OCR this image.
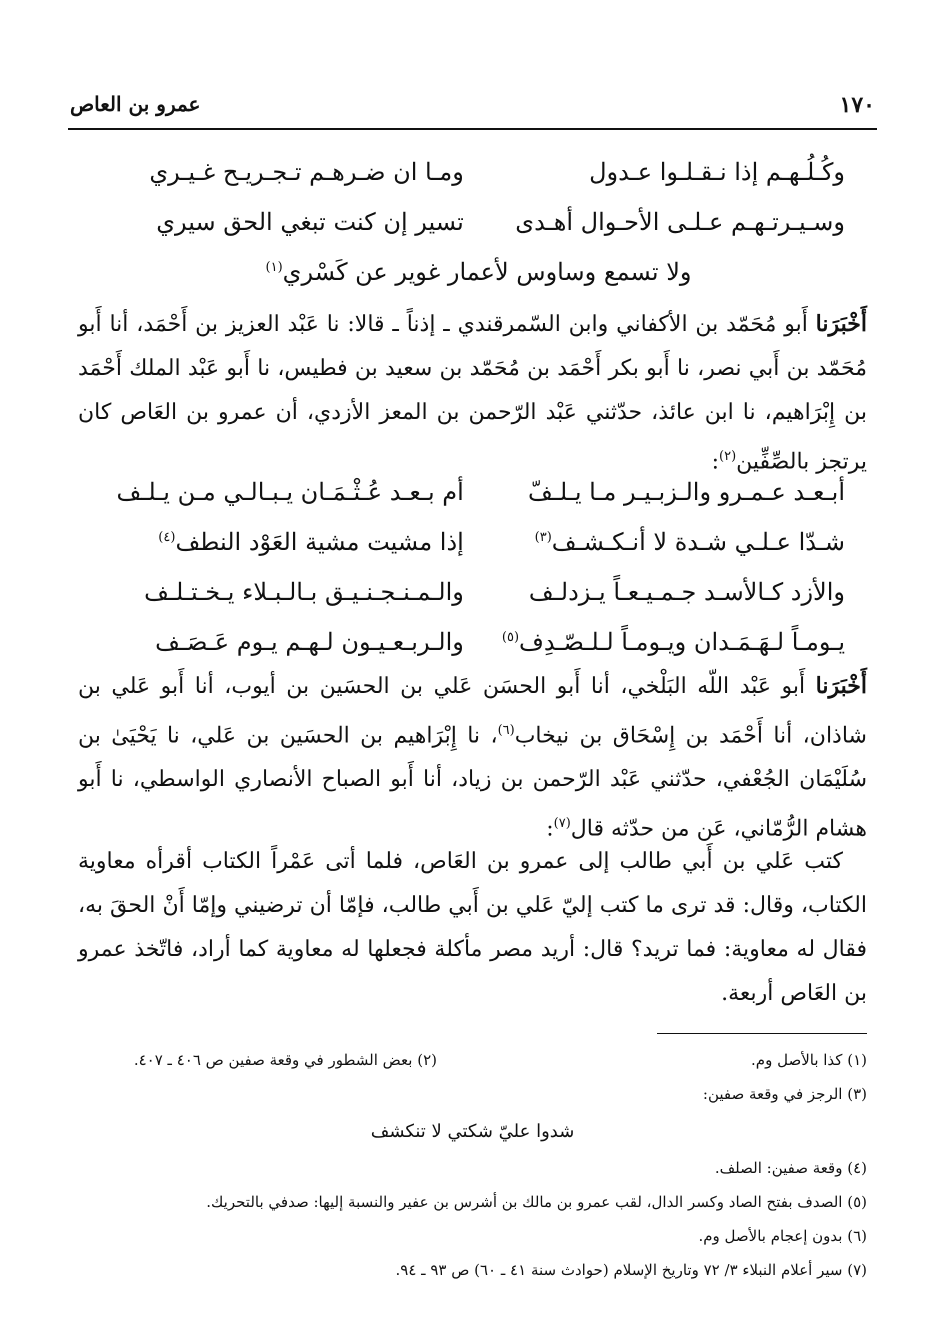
١٧٠
عمرو بن العاص
وكُـلُـهـم إذا نـقـلـوا عـدول
ومـا ان ضـرهـم تـجـريـح غـيـري
وسـيـرتـهـم عـلـى الأحـوال أهـدى
تسير إن كنت تبغي الحق سيري
ولا تسمع وساوس لأعمار غوير عن كَسْري$^{(١)}$

أَخْبَرَنا أَبو مُحَمّد بن الأكفاني وابن السّمرقندي ـ إذناً ـ قالا: نا عَبْد العزيز بن أَحْمَد، أنا أَبو مُحَمّد بن أَبي نصر، نا أَبو بكر أَحْمَد بن مُحَمّد بن سعيد بن فطيس، نا أَبو عَبْد الملك أَحْمَد بن إِبْرَاهيم، نا ابن عائذ، حدّثني عَبْد الرّحمن بن المعز الأزدي، أن عمرو بن العَاص كان يرتجز بالصِّفِّين$^{(٢)}$:

أبـعـد عـمـرو والـزبـيـر مـا يـلـفّ
أم بـعـد عُـثْـمَـان يـبـالـي مـن يـلـف
شـدّا عـلـي شـدة لا أنـكـشـف$^{(٣)}$
إذا مشيت مشية العَوْد النطف$^{(٤)}$
والأزد كـالأسـد جـمـيـعـاً يـزدلـف
والـمـنـجـنـيـق بـالـبـلاء يـخـتـلـف
يـومـاً لـهَـمَـدان ويـومـاً لـلـصّـدِف$^{(٥)}$
والـربـعـيـون لـهـم يـوم عَـصَـف

أَخْبَرَنا أَبو عَبْد اللّه البَلْخي، أنا أَبو الحسَن عَلي بن الحسَين بن أيوب، أنا أَبو عَلي بن شاذان، أنا أَحْمَد بن إِسْحَاق بن نيخاب$^{(٦)}$، نا إِبْرَاهيم بن الحسَين بن عَلي، نا يَحْيَىٰ بن سُلَيْمَان الجُعْفي، حدّثني عَبْد الرّحمن بن زياد، أنا أَبو الصباح الأنصاري الواسطي، نا أَبو هشام الرُّمّاني، عَن من حدّثه قال$^{(٧)}$:

كتب عَلي بن أَبي طالب إلى عمرو بن العَاص، فلما أتى عَمْراً الكتاب أقرأه معاوية الكتاب، وقال: قد ترى ما كتب إليّ عَلي بن أَبي طالب، فإمّا أن ترضيني وإمّا أَنْ الحقَ به، فقال له معاوية: فما تريد؟ قال: أريد مصر مأكلة فجعلها له معاوية كما أراد، فاتّخذ عمرو بن العَاص أربعة.

(١) كذا بالأصل وم.
(٢) بعض الشطور في وقعة صفين ص ٤٠٦ ـ ٤٠٧.
(٣) الرجز في وقعة صفين:
شدوا عليّ شكتي لا تنكشف
(٤) وقعة صفين: الصلف.
(٥) الصدف بفتح الصاد وكسر الدال، لقب عمرو بن مالك بن أشرس بن عفير والنسبة إليها: صدفي بالتحريك.
(٦) بدون إعجام بالأصل وم.
(٧) سير أعلام النبلاء ٣/ ٧٢ وتاريخ الإسلام (حوادث سنة ٤١ ـ ٦٠) ص ٩٣ ـ ٩٤.
